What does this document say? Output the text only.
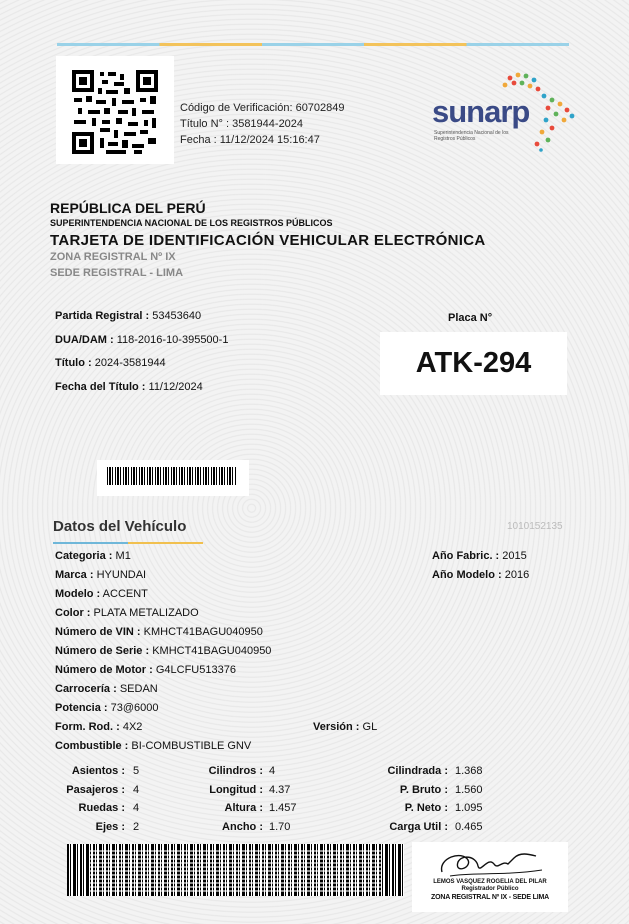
Código de Verificación: 60702849
Título N° : 3581944-2024
Fecha : 11/12/2024 15:16:47
sunarp
Superintendencia Nacional de los Registros Públicos
REPÚBLICA DEL PERÚ
SUPERINTENDENCIA NACIONAL DE LOS REGISTROS PÚBLICOS
TARJETA DE IDENTIFICACIÓN VEHICULAR ELECTRÓNICA
ZONA REGISTRAL Nº IX
SEDE REGISTRAL - LIMA
Partida Registral : 53453640
DUA/DAM : 118-2016-10-395500-1
Título : 2024-3581944
Fecha del Título : 11/12/2024
Placa N°
ATK-294
Datos del Vehículo	1010152135
Categoria : M1
Marca : HYUNDAI
Modelo : ACCENT
Color : PLATA METALIZADO
Número de VIN : KMHCT41BAGU040950
Número de Serie : KMHCT41BAGU040950
Número de Motor : G4LCFU513376
Carrocería : SEDAN
Potencia : 73@6000
Form. Rod. : 4X2
Combustible : BI-COMBUSTIBLE GNV
Año Fabric. : 2015
Año Modelo : 2016
Versión : GL
Asientos : 5
Pasajeros : 4
Ruedas : 4
Ejes : 2
Cilindros : 4
Longitud : 4.37
Altura : 1.457
Ancho : 1.70
Cilindrada : 1.368
P. Bruto : 1.560
P. Neto : 1.095
Carga Util : 0.465
LEMOS VASQUEZ ROGELIA DEL PILAR
Registrador Público
ZONA REGISTRAL Nº IX - SEDE LIMA
